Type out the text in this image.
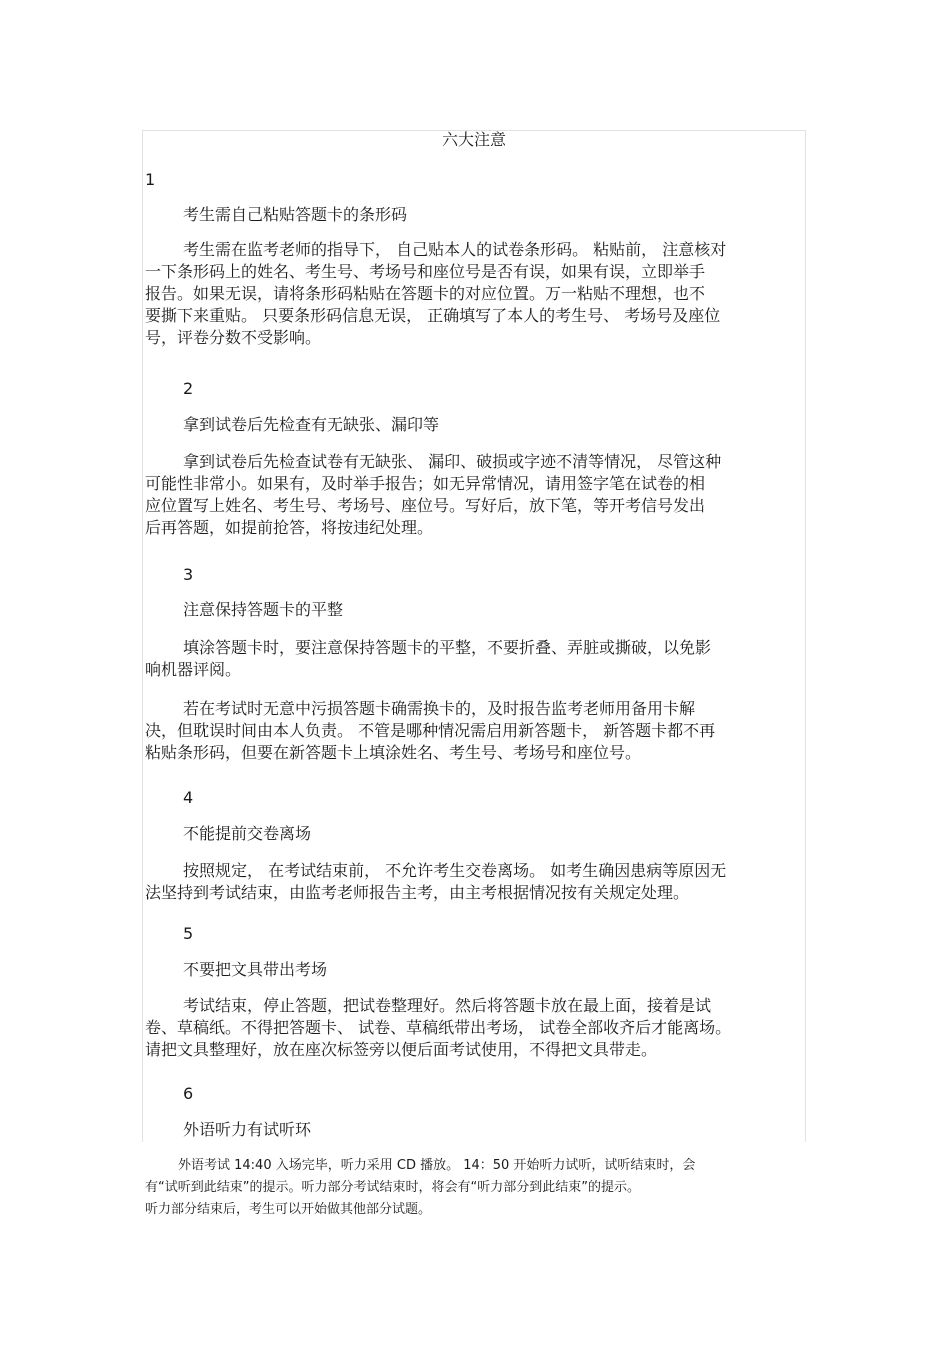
六大注意
1
考生需自己粘贴答题卡的条形码
考生需在监考老师的指导下， 自己贴本人的试卷条形码。 粘贴前， 注意核对
一下条形码上的姓名、考生号、考场号和座位号是否有误，如果有误，立即举手
报告。如果无误，请将条形码粘贴在答题卡的对应位置。万一粘贴不理想，也不
要撕下来重贴。 只要条形码信息无误， 正确填写了本人的考生号、 考场号及座位
号，评卷分数不受影响。
2
拿到试卷后先检查有无缺张、漏印等
拿到试卷后先检查试卷有无缺张、 漏印、破损或字迹不清等情况， 尽管这种
可能性非常小。如果有，及时举手报告；如无异常情况，请用签字笔在试卷的相
应位置写上姓名、考生号、考场号、座位号。写好后，放下笔，等开考信号发出
后再答题，如提前抢答，将按违纪处理。
3
注意保持答题卡的平整
填涂答题卡时，要注意保持答题卡的平整，不要折叠、弄脏或撕破，以免影
响机器评阅。
若在考试时无意中污损答题卡确需换卡的，及时报告监考老师用备用卡解
决，但耽误时间由本人负责。 不管是哪种情况需启用新答题卡， 新答题卡都不再
粘贴条形码，但要在新答题卡上填涂姓名、考生号、考场号和座位号。
4
不能提前交卷离场
按照规定， 在考试结束前， 不允许考生交卷离场。 如考生确因患病等原因无
法坚持到考试结束，由监考老师报告主考，由主考根据情况按有关规定处理。
5
不要把文具带出考场
考试结束，停止答题，把试卷整理好。然后将答题卡放在最上面，接着是试
卷、草稿纸。不得把答题卡、 试卷、草稿纸带出考场， 试卷全部收齐后才能离场。
请把文具整理好，放在座次标签旁以便后面考试使用，不得把文具带走。
6
外语听力有试听环
外语考试 14:40 入场完毕，听力采用 CD 播放。 14：50 开始听力试听，试听结束时，会
有“试听到此结束”的提示。听力部分考试结束时，将会有“听力部分到此结束”的提示。
听力部分结束后，考生可以开始做其他部分试题。
